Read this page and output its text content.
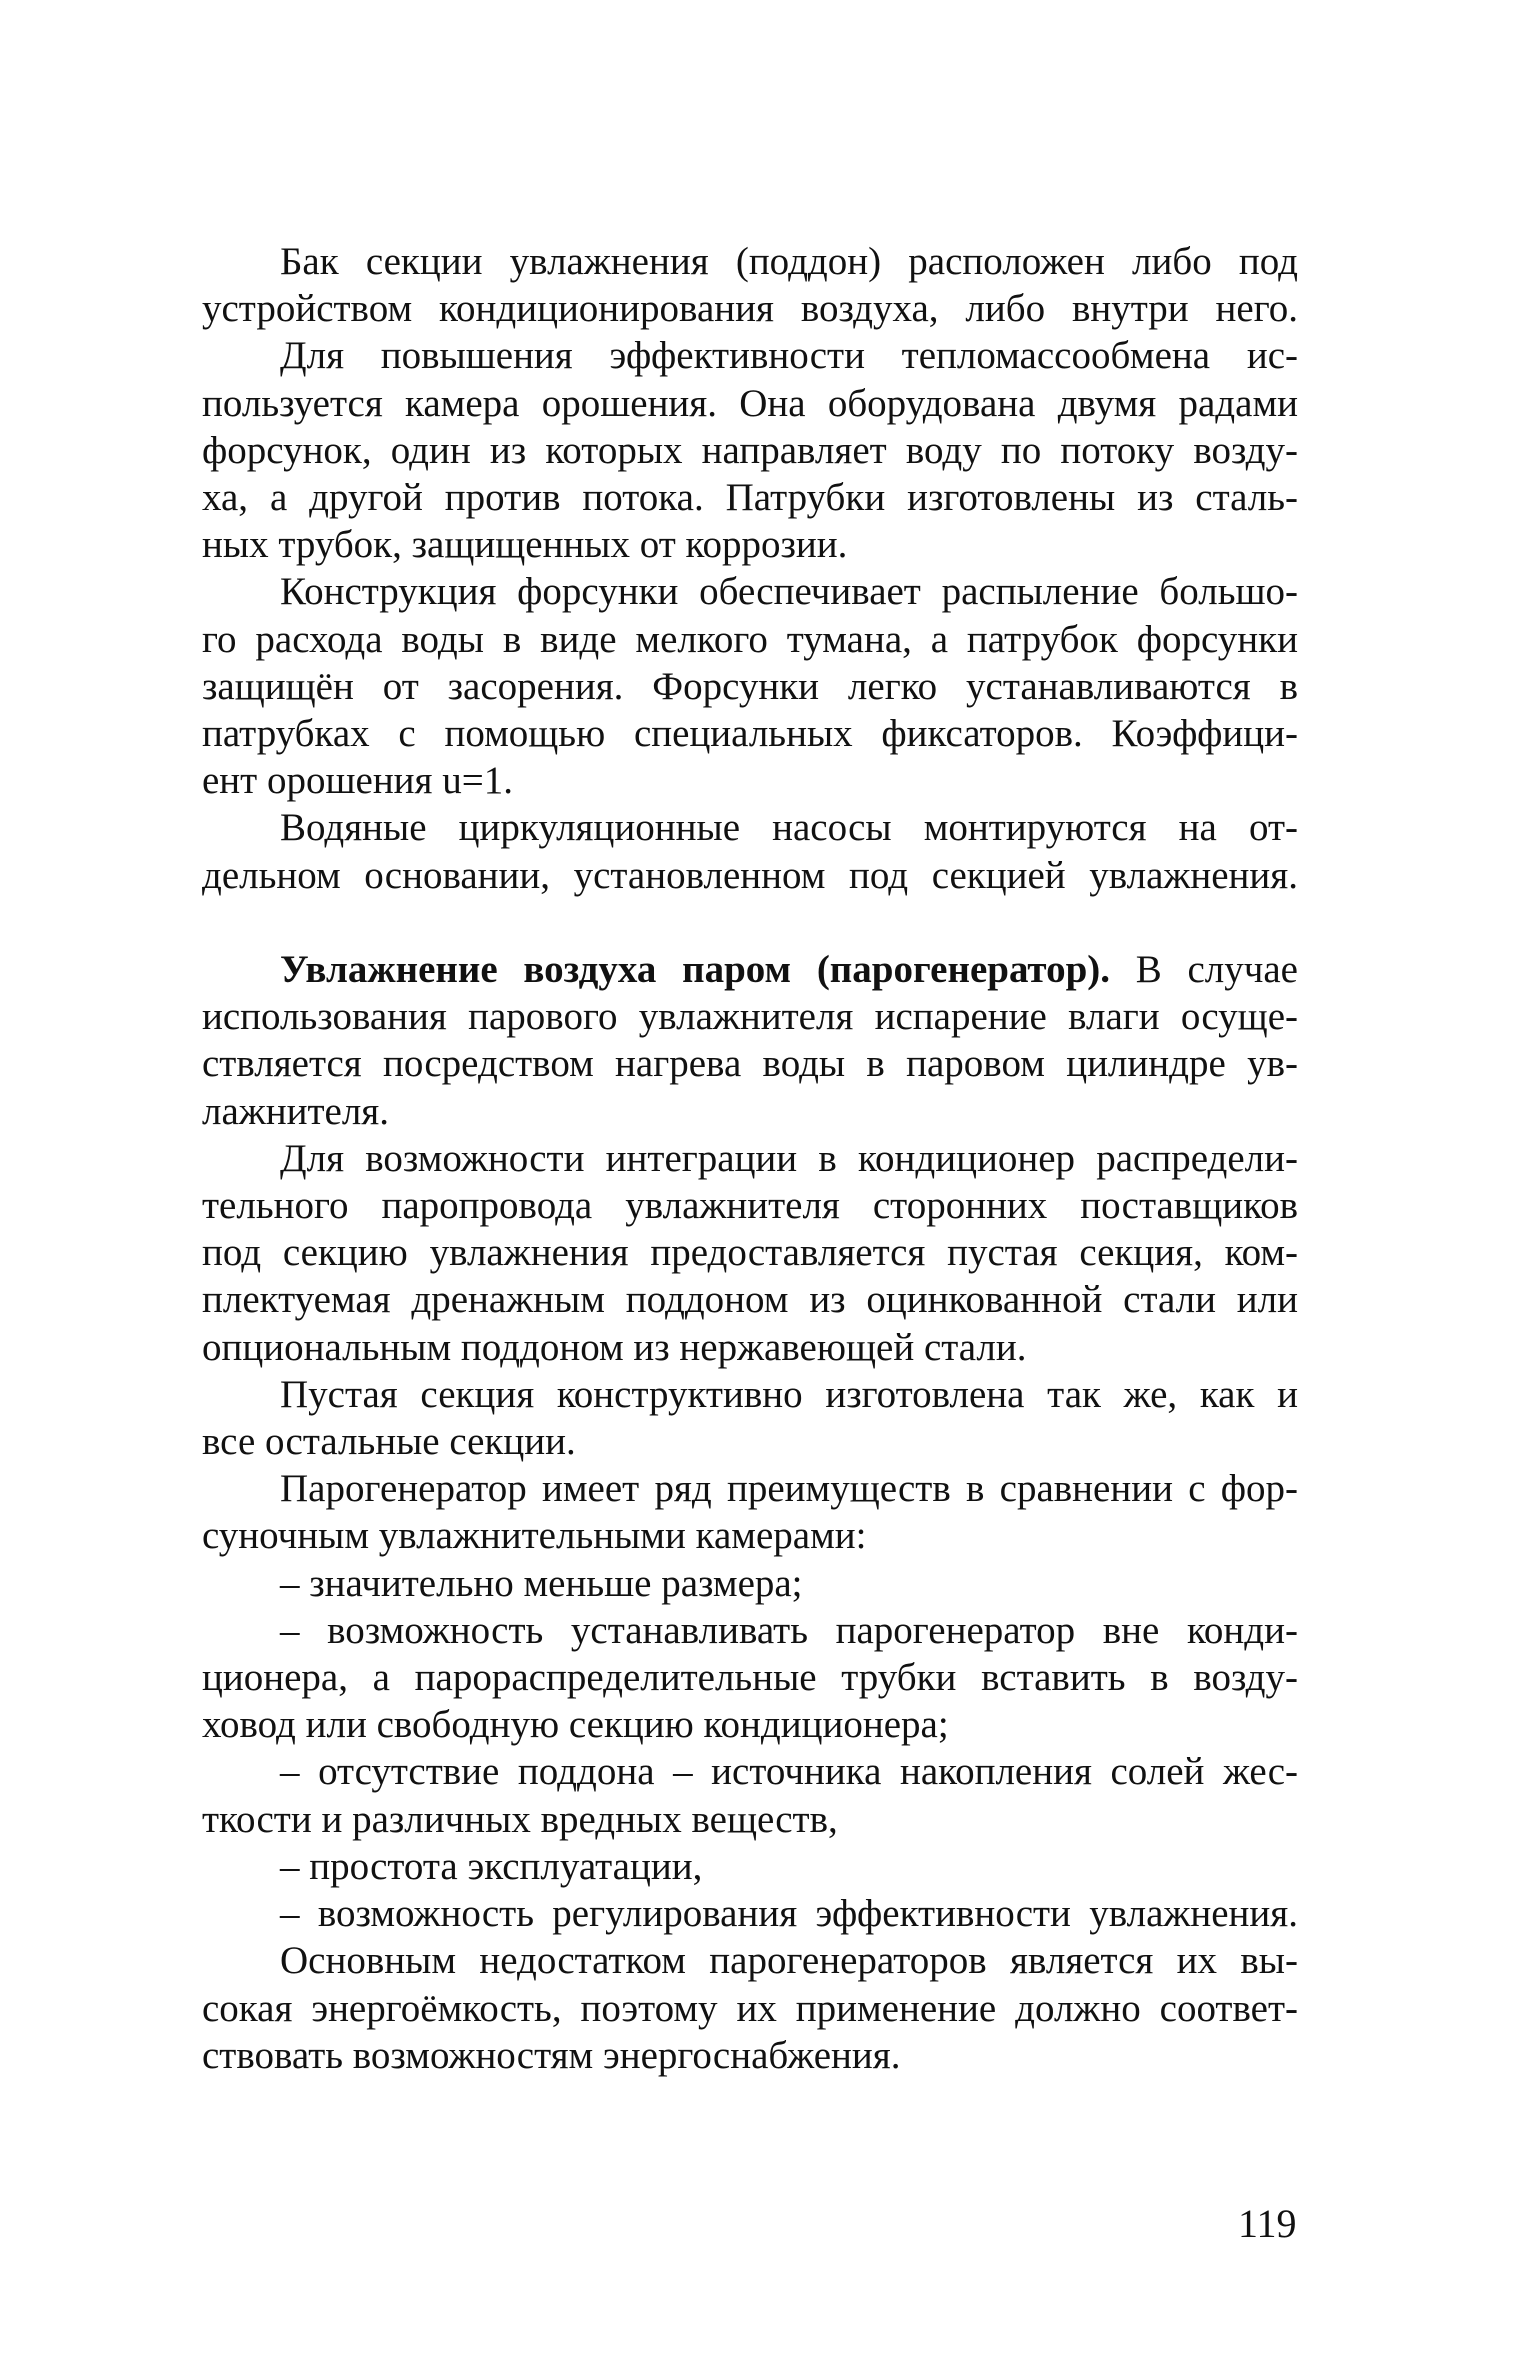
Бак секции увлажнения (поддон) расположен либо под
устройством кондиционирования воздуха, либо внутри него.
Для повышения эффективности тепломассообмена ис-
пользуется камера орошения. Она оборудована двумя радами
форсунок, один из которых направляет воду по потоку возду-
ха, а другой против потока. Патрубки изготовлены из сталь-
ных трубок, защищенных от коррозии.
Конструкция форсунки обеспечивает распыление большо-
го расхода воды в виде мелкого тумана, а патрубок форсунки
защищён от засорения. Форсунки легко устанавливаются в
патрубках с помощью специальных фиксаторов. Коэффици-
ент орошения u=1.
Водяные циркуляционные насосы монтируются на от-
дельном основании, установленном под секцией увлажнения.
Увлажнение воздуха паром (парогенератор). В случае
использования парового увлажнителя испарение влаги осуще-
ствляется посредством нагрева воды в паровом цилиндре ув-
лажнителя.
Для возможности интеграции в кондиционер распредели-
тельного паропровода увлажнителя сторонних поставщиков
под секцию увлажнения предоставляется пустая секция, ком-
плектуемая дренажным поддоном из оцинкованной стали или
опциональным поддоном из нержавеющей стали.
Пустая секция конструктивно изготовлена так же, как и
все остальные секции.
Парогенератор имеет ряд преимуществ в сравнении с фор-
суночным увлажнительными камерами:
– значительно меньше размера;
– возможность устанавливать парогенератор вне конди-
ционера, а парораспределительные трубки вставить в возду-
ховод или свободную секцию кондиционера;
– отсутствие поддона – источника накопления солей жес-
ткости и различных вредных веществ,
– простота эксплуатации,
– возможность регулирования эффективности увлажнения.
Основным недостатком парогенераторов является их вы-
сокая энергоёмкость, поэтому их применение должно соответ-
ствовать возможностям энергоснабжения.
119
